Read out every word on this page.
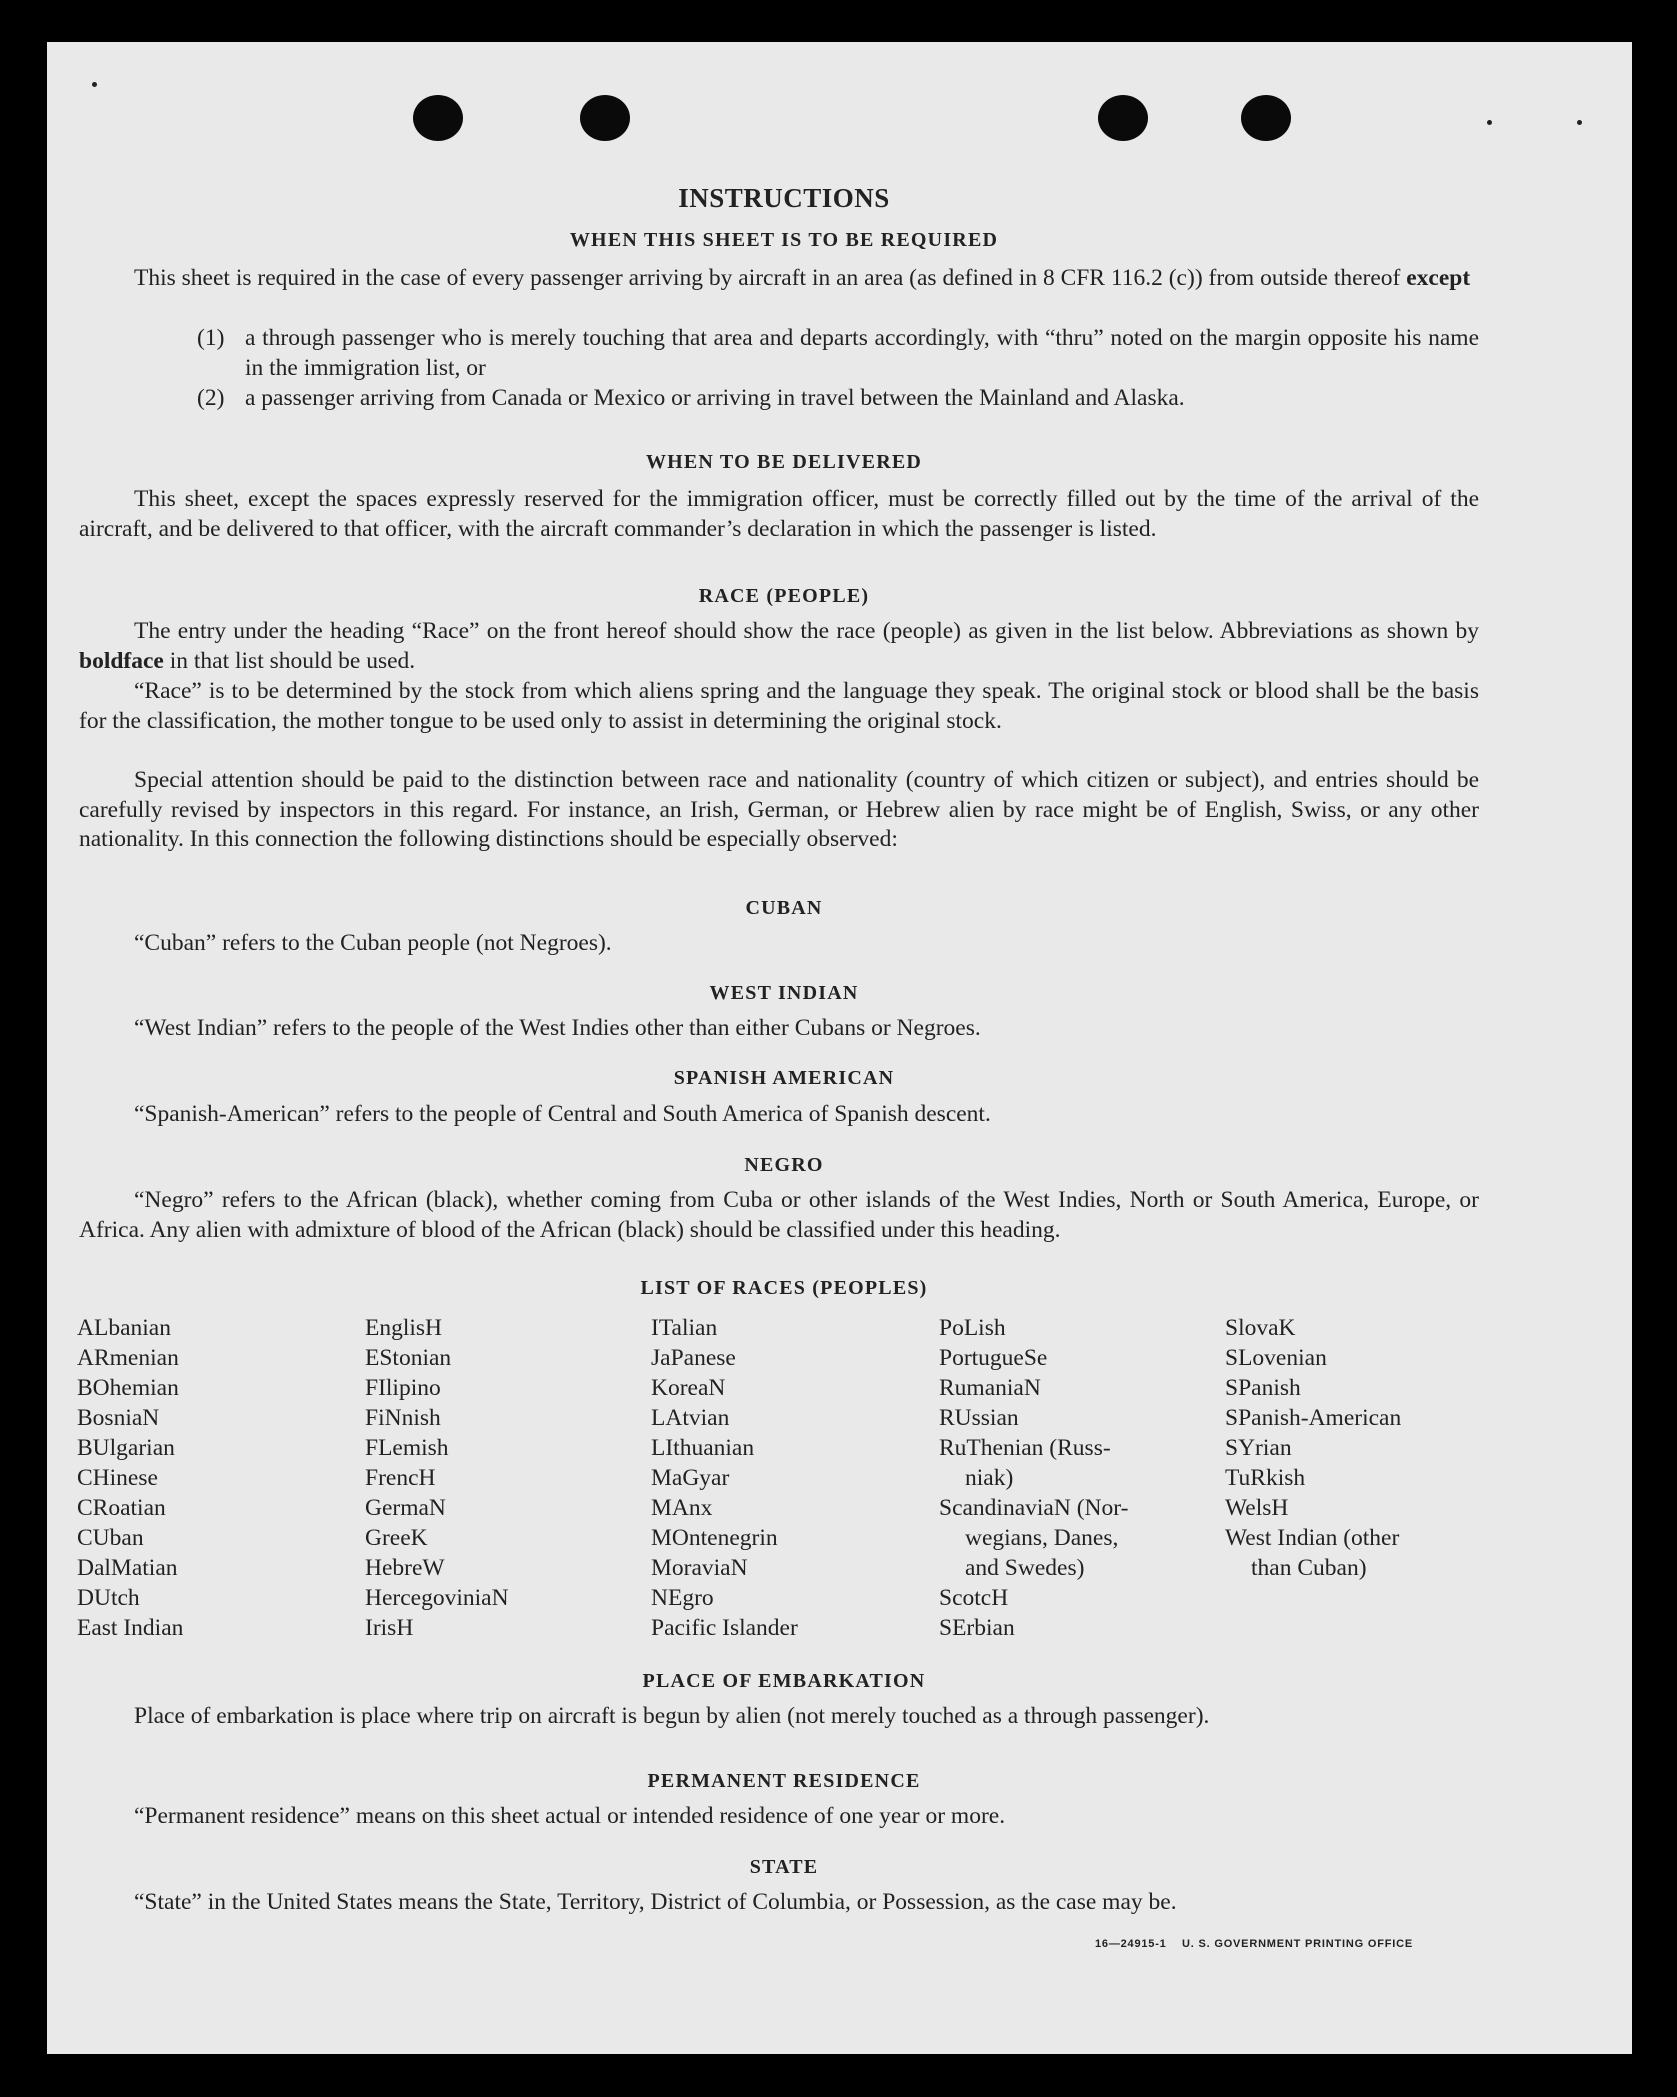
INSTRUCTIONS
WHEN THIS SHEET IS TO BE REQUIRED

This sheet is required in the case of every passenger arriving by aircraft in an area (as defined in 8 CFR 116.2 (c)) from outside thereof except

(1) a through passenger who is merely touching that area and departs accordingly, with “thru” noted on the margin opposite his name in the immigration list, or
(2) a passenger arriving from Canada or Mexico or arriving in travel between the Mainland and Alaska.
WHEN TO BE DELIVERED

This sheet, except the spaces expressly reserved for the immigration officer, must be correctly filled out by the time of the arrival of the aircraft, and be delivered to that officer, with the aircraft commander’s declaration in which the passenger is listed.

RACE (PEOPLE)

The entry under the heading “Race” on the front hereof should show the race (people) as given in the list below. Abbreviations as shown by boldface in that list should be used.

“Race” is to be determined by the stock from which aliens spring and the language they speak. The original stock or blood shall be the basis for the classification, the mother tongue to be used only to assist in determining the original stock.

Special attention should be paid to the distinction between race and nationality (country of which citizen or subject), and entries should be carefully revised by inspectors in this regard. For instance, an Irish, German, or Hebrew alien by race might be of English, Swiss, or any other nationality. In this connection the following distinctions should be especially observed:

CUBAN

“Cuban” refers to the Cuban people (not Negroes).

WEST INDIAN

“West Indian” refers to the people of the West Indies other than either Cubans or Negroes.

SPANISH AMERICAN

“Spanish-American” refers to the people of Central and South America of Spanish descent.

NEGRO

“Negro” refers to the African (black), whether coming from Cuba or other islands of the West Indies, North or South America, Europe, or Africa. Any alien with admixture of blood of the African (black) should be classified under this heading.

LIST OF RACES (PEOPLES)
ALbanian
ARmenian
BOhemian
BosniaN
BUlgarian
CHinese
CRoatian
CUban
DalMatian
DUtch
East Indian
EnglisH
EStonian
FIlipino
FiNnish
FLemish
FrencH
GermaN
GreeK
HebreW
HercegoviniaN
IrisH
ITalian
JaPanese
KoreaN
LAtvian
LIthuanian
MaGyar
MAnx
MOntenegrin
MoraviaN
NEgro
Pacific Islander
PoLish
PortugueSe
RumaniaN
RUssian
RuThenian (Russ-
niak)
ScandinaviaN (Nor-
wegians, Danes,
and Swedes)
ScotcH
SErbian
SlovaK
SLovenian
SPanish
SPanish-American
SYrian
TuRkish
WelsH
West Indian (other
than Cuban)
PLACE OF EMBARKATION

Place of embarkation is place where trip on aircraft is begun by alien (not merely touched as a through passenger).

PERMANENT RESIDENCE

“Permanent residence” means on this sheet actual or intended residence of one year or more.

STATE

“State” in the United States means the State, Territory, District of Columbia, or Possession, as the case may be.

16—24915-1    U. S. GOVERNMENT PRINTING OFFICE
